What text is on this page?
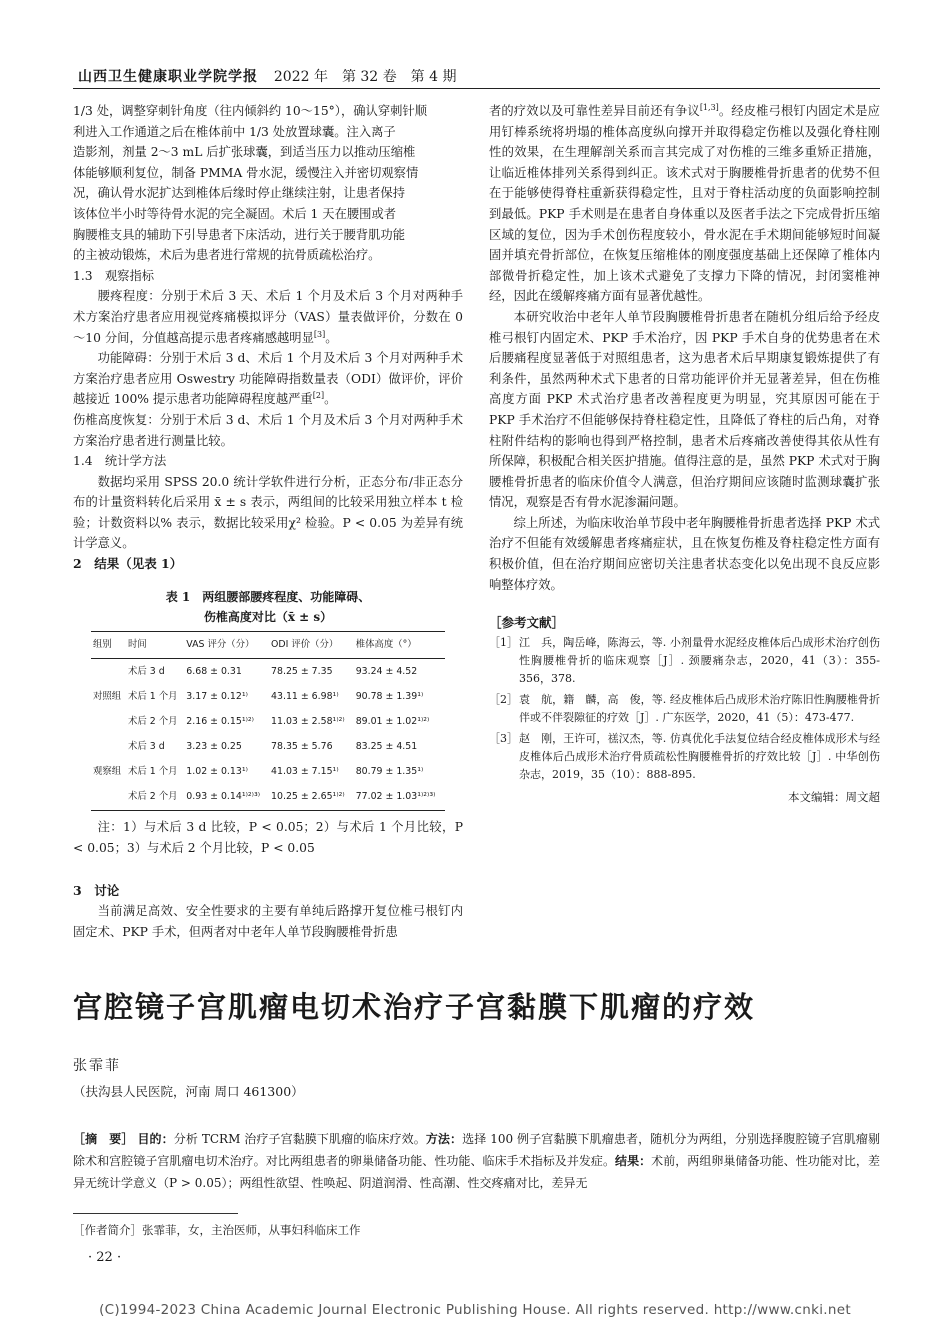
山西卫生健康职业学院学报 2022 年　第 32 卷　第 4 期

1/3 处，调整穿刺针角度（往内倾斜约 10～15°），确认穿刺针顺

利进入工作通道之后在椎体前中 1/3 处放置球囊。注入离子

造影剂，剂量 2～3 mL 后扩张球囊，到适当压力以推动压缩椎

体能够顺利复位，制备 PMMA 骨水泥，缓慢注入并密切观察情

况，确认骨水泥扩达到椎体后缘时停止继续注射，让患者保持

该体位半小时等待骨水泥的完全凝固。术后 1 天在腰围或者

胸腰椎支具的辅助下引导患者下床活动，进行关于腰背肌功能

的主被动锻炼，术后为患者进行常规的抗骨质疏松治疗。

1.3　观察指标

腰疼程度：分别于术后 3 天、术后 1 个月及术后 3 个月对两种手术方案治疗患者应用视觉疼痛模拟评分（VAS）量表做评价，分数在 0～10 分间，分值越高提示患者疼痛感越明显[3]。

功能障碍：分别于术后 3 d、术后 1 个月及术后 3 个月对两种手术方案治疗患者应用 Oswestry 功能障碍指数量表（ODI）做评价，评价越接近 100% 提示患者功能障碍程度越严重[2]。

伤椎高度恢复：分别于术后 3 d、术后 1 个月及术后 3 个月对两种手术方案治疗患者进行测量比较。

1.4　统计学方法

数据均采用 SPSS 20.0 统计学软件进行分析，正态分布/非正态分布的计量资料转化后采用 x̄ ± s 表示，两组间的比较采用独立样本 t 检验；计数资料以% 表示，数据比较采用χ² 检验。P < 0.05 为差异有统计学意义。

2　结果（见表 1）

表 1　两组腰部腰疼程度、功能障碍、
伤椎高度对比（x̄ ± s）
组别	时间	VAS 评分（分）	ODI 评价（分）	椎体高度（°）
	术后 3 d	6.68 ± 0.31	78.25 ± 7.35	93.24 ± 4.52
对照组	术后 1 个月	3.17 ± 0.12¹⁾	43.11 ± 6.98¹⁾	90.78 ± 1.39¹⁾
	术后 2 个月	2.16 ± 0.15¹⁾²⁾	11.03 ± 2.58¹⁾²⁾	89.01 ± 1.02¹⁾²⁾
	术后 3 d	3.23 ± 0.25	78.35 ± 5.76	83.25 ± 4.51
观察组	术后 1 个月	1.02 ± 0.13¹⁾	41.03 ± 7.15¹⁾	80.79 ± 1.35¹⁾
	术后 2 个月	0.93 ± 0.14¹⁾²⁾³⁾	10.25 ± 2.65¹⁾²⁾	77.02 ± 1.03¹⁾²⁾³⁾

注：1）与术后 3 d 比较，P < 0.05；2）与术后 1 个月比较，P < 0.05；3）与术后 2 个月比较，P < 0.05

3　讨论

当前满足高效、安全性要求的主要有单纯后路撑开复位椎弓根钉内固定术、PKP 手术，但两者对中老年人单节段胸腰椎骨折患

者的疗效以及可靠性差异目前还有争议[1,3]。经皮椎弓根钉内固定术是应用钉棒系统将坍塌的椎体高度纵向撑开并取得稳定伤椎以及强化脊柱刚性的效果，在生理解剖关系而言其完成了对伤椎的三维多重矫正措施，让临近椎体排列关系得到纠正。该术式对于胸腰椎骨折患者的优势不但在于能够使得脊柱重新获得稳定性，且对于脊柱活动度的负面影响控制到最低。PKP 手术则是在患者自身体重以及医者手法之下完成骨折压缩区域的复位，因为手术创伤程度较小，骨水泥在手术期间能够短时间凝固并填充骨折部位，在恢复压缩椎体的刚度强度基础上还保障了椎体内部微骨折稳定性，加上该术式避免了支撑力下降的情况，封闭窦椎神经，因此在缓解疼痛方面有显著优越性。

本研究收治中老年人单节段胸腰椎骨折患者在随机分组后给予经皮椎弓根钉内固定术、PKP 手术治疗，因 PKP 手术自身的优势患者在术后腰痛程度显著低于对照组患者，这为患者术后早期康复锻炼提供了有利条件，虽然两种术式下患者的日常功能评价并无显著差异，但在伤椎高度方面 PKP 术式治疗患者改善程度更为明显，究其原因可能在于 PKP 手术治疗不但能够保持脊柱稳定性，且降低了脊柱的后凸角，对脊柱附件结构的影响也得到严格控制，患者术后疼痛改善使得其依从性有所保障，积极配合相关医护措施。值得注意的是，虽然 PKP 术式对于胸腰椎骨折患者的临床价值令人满意，但治疗期间应该随时监测球囊扩张情况，观察是否有骨水泥渗漏问题。

综上所述，为临床收治单节段中老年胸腰椎骨折患者选择 PKP 术式治疗不但能有效缓解患者疼痛症状，且在恢复伤椎及脊柱稳定性方面有积极价值，但在治疗期间应密切关注患者状态变化以免出现不良反应影响整体疗效。

［参考文献］

［1］ 江　兵，陶岳峰，陈海云，等. 小剂量骨水泥经皮椎体后凸成形术治疗创伤性胸腰椎骨折的临床观察［J］. 颈腰痛杂志，2020，41（3）：355-356，378.
［2］ 袁　航，籍　麟，高　俊，等. 经皮椎体后凸成形术治疗陈旧性胸腰椎骨折伴或不伴裂隙征的疗效［J］. 广东医学，2020，41（5）：473-477.
［3］ 赵　刚，王许可，禚汉杰，等. 仿真优化手法复位结合经皮椎体成形术与经皮椎体后凸成形术治疗骨质疏松性胸腰椎骨折的疗效比较［J］. 中华创伤杂志，2019，35（10）：888-895.
本文编辑：周文超
宫腔镜子宫肌瘤电切术治疗子宫黏膜下肌瘤的疗效
张霏菲
（扶沟县人民医院，河南 周口 461300）
［摘　要］ 目的：分析 TCRM 治疗子宫黏膜下肌瘤的临床疗效。方法：选择 100 例子宫黏膜下肌瘤患者，随机分为两组，分别选择腹腔镜子宫肌瘤剔除术和宫腔镜子宫肌瘤电切术治疗。对比两组患者的卵巢储备功能、性功能、临床手术指标及并发症。结果：术前，两组卵巢储备功能、性功能对比，差异无统计学意义（P > 0.05）；两组性欲望、性唤起、阴道润滑、性高潮、性交疼痛对比，差异无
［作者简介］张霏菲，女，主治医师，从事妇科临床工作
· 22 ·
(C)1994-2023 China Academic Journal Electronic Publishing House. All rights reserved. http://www.cnki.net
